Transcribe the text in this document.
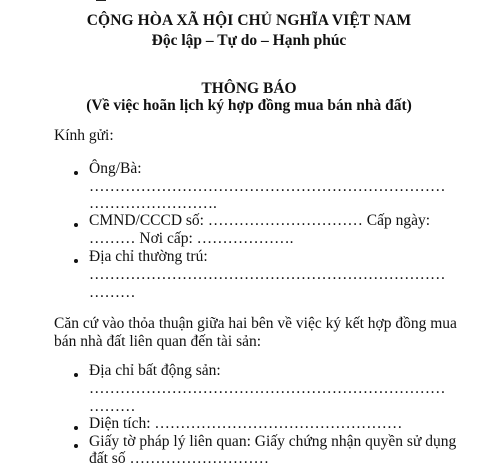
CỘNG HÒA XÃ HỘI CHỦ NGHĨA VIỆT NAM
Độc lập – Tự do – Hạnh phúc
THÔNG BÁO
(Về việc hoãn lịch ký hợp đồng mua bán nhà đất)
Kính gửi:
Ông/Bà:
……………………………………………………………
…………………….
CMND/CCCD số: ………………………… Cấp ngày:
……… Nơi cấp: ……………….
Địa chỉ thường trú:
……………………………………………………………
………
Căn cứ vào thỏa thuận giữa hai bên về việc ký kết hợp đồng mua
bán nhà đất liên quan đến tài sản:
Địa chỉ bất động sản:
……………………………………………………………
………
Diện tích: …………………………………………
Giấy tờ pháp lý liên quan: Giấy chứng nhận quyền sử dụng
đất số ………………………
